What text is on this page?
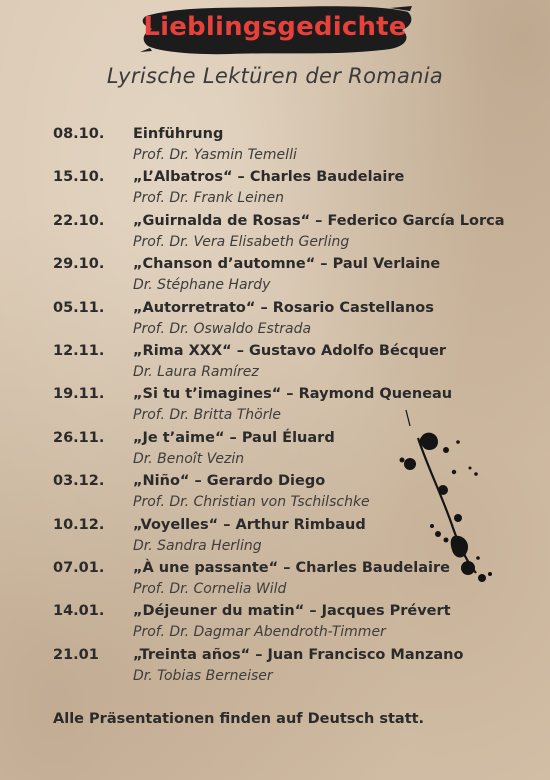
Lieblingsgedichte
Lyrische Lektüren der Romania
08.10. Einführung
Prof. Dr. Yasmin Temelli
15.10. „L’Albatros“ – Charles Baudelaire
Prof. Dr. Frank Leinen
22.10. „Guirnalda de Rosas“ – Federico García Lorca
Prof. Dr. Vera Elisabeth Gerling
29.10. „Chanson d’automne“ – Paul Verlaine
Dr. Stéphane Hardy
05.11. „Autorretrato“ – Rosario Castellanos
Prof. Dr. Oswaldo Estrada
12.11. „Rima XXX“ – Gustavo Adolfo Bécquer
Dr. Laura Ramírez
19.11. „Si tu t’imagines“ – Raymond Queneau
Prof. Dr. Britta Thörle
26.11. „Je t’aime“ – Paul Éluard
Dr. Benoît Vezin
03.12. „Niño“ – Gerardo Diego
Prof. Dr. Christian von Tschilschke
10.12. „Voyelles“ – Arthur Rimbaud
Dr. Sandra Herling
07.01. „À une passante“ – Charles Baudelaire
Prof. Dr. Cornelia Wild
14.01. „Déjeuner du matin“ – Jacques Prévert
Prof. Dr. Dagmar Abendroth-Timmer
21.01 „Treinta años“ – Juan Francisco Manzano
Dr. Tobias Berneiser
Alle Präsentationen finden auf Deutsch statt.
